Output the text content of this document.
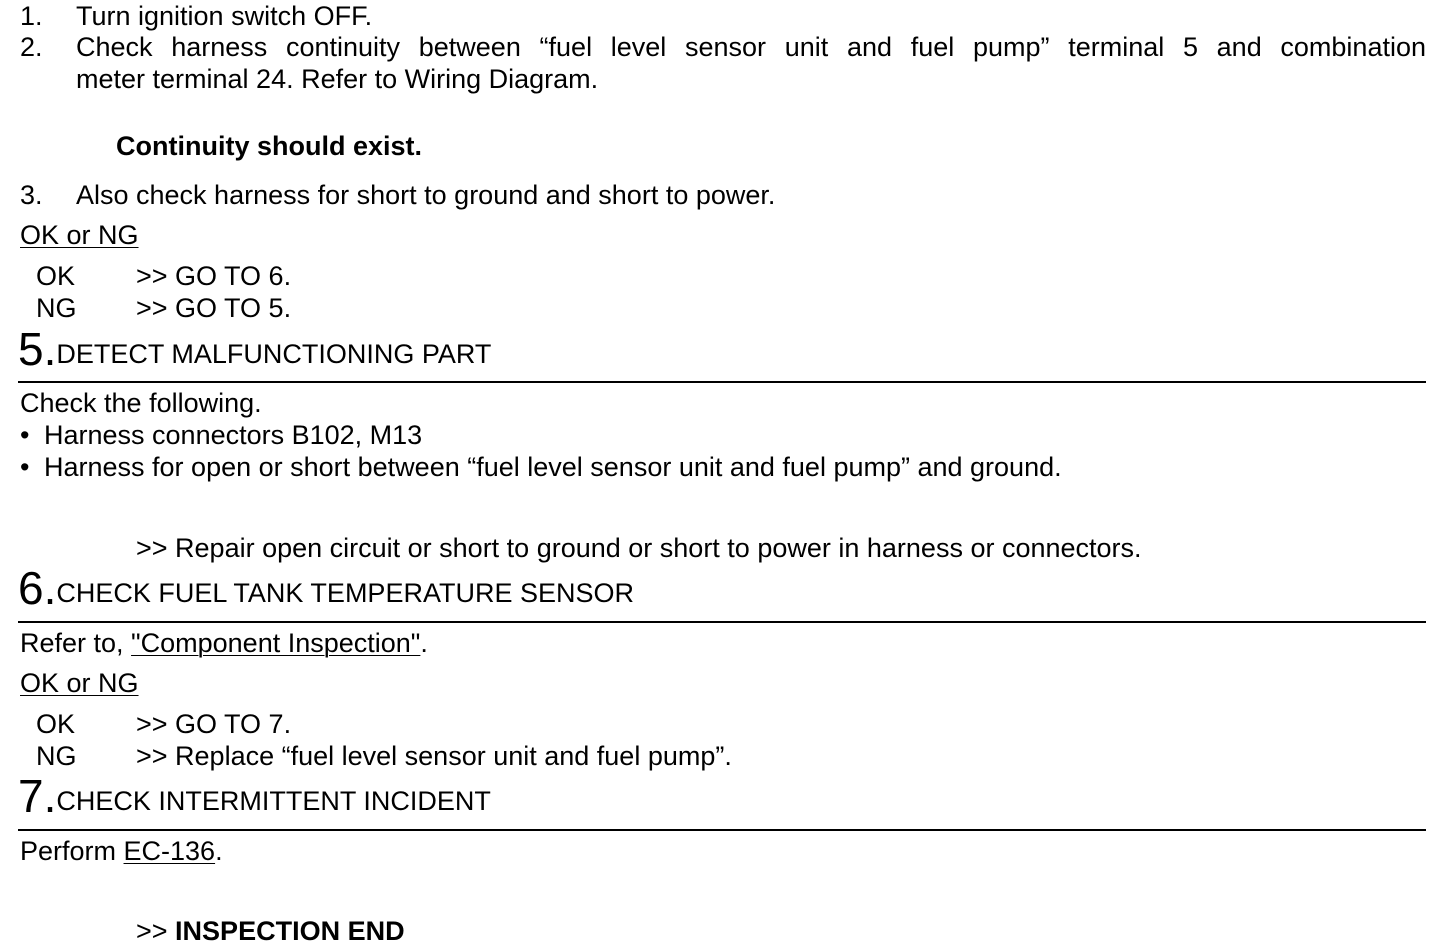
1. Turn ignition switch OFF.
2. Check harness continuity between “fuel level sensor unit and fuel pump” terminal 5 and combination
meter terminal 24. Refer to Wiring Diagram.
Continuity should exist.
3. Also check harness for short to ground and short to power.
OK or NG
OK >> GO TO 6.
NG >> GO TO 5.
5.DETECT MALFUNCTIONING PART
Check the following.
• Harness connectors B102, M13
• Harness for open or short between “fuel level sensor unit and fuel pump” and ground.
>> Repair open circuit or short to ground or short to power in harness or connectors.
6.CHECK FUEL TANK TEMPERATURE SENSOR
Refer to, "Component Inspection".
OK or NG
OK >> GO TO 7.
NG >> Replace “fuel level sensor unit and fuel pump”.
7.CHECK INTERMITTENT INCIDENT
Perform EC-136.
>> INSPECTION END
